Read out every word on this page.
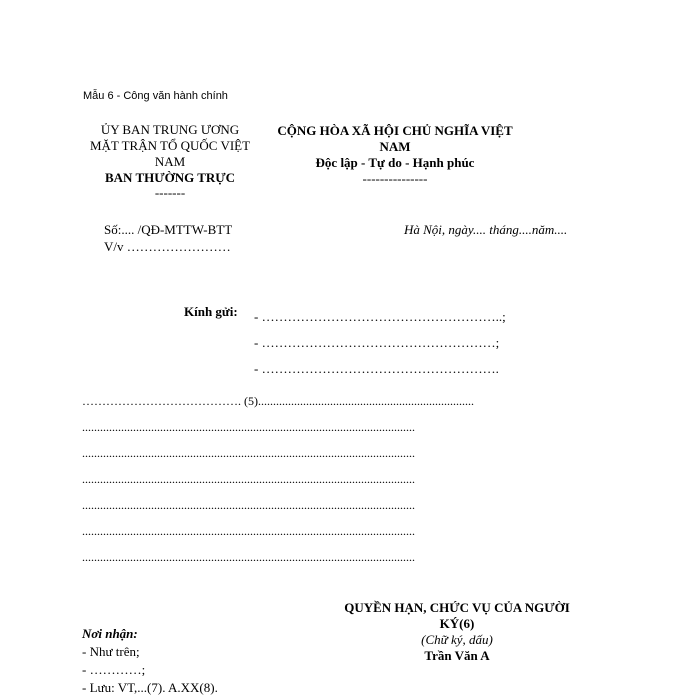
Mẫu 6 - Công văn hành chính
ỦY BAN TRUNG ƯƠNG
MẶT TRẬN TỔ QUỐC VIỆT
NAM
BAN THƯỜNG TRỰC
-------
CỘNG HÒA XÃ HỘI CHỦ NGHĨA VIỆT NAM
Độc lập - Tự do - Hạnh phúc
---------------
Số:.... /QĐ-MTTW-BTT
V/v ……………………
Hà Nội, ngày.... tháng....năm....
Kính gửi: - ………………………………………………..;
- ………………………………………………;
- ……………………………………………….
…………………………………. (5)........................................................................
...............................................................................................................
...............................................................................................................
...............................................................................................................
...............................................................................................................
...............................................................................................................
...............................................................................................................
QUYỀN HẠN, CHỨC VỤ CỦA NGƯỜI
KÝ(6)
(Chữ ký, dấu)
Trần Văn A
Nơi nhận:
- Như trên;
- …………;
- Lưu: VT,...(7). A.XX(8).
